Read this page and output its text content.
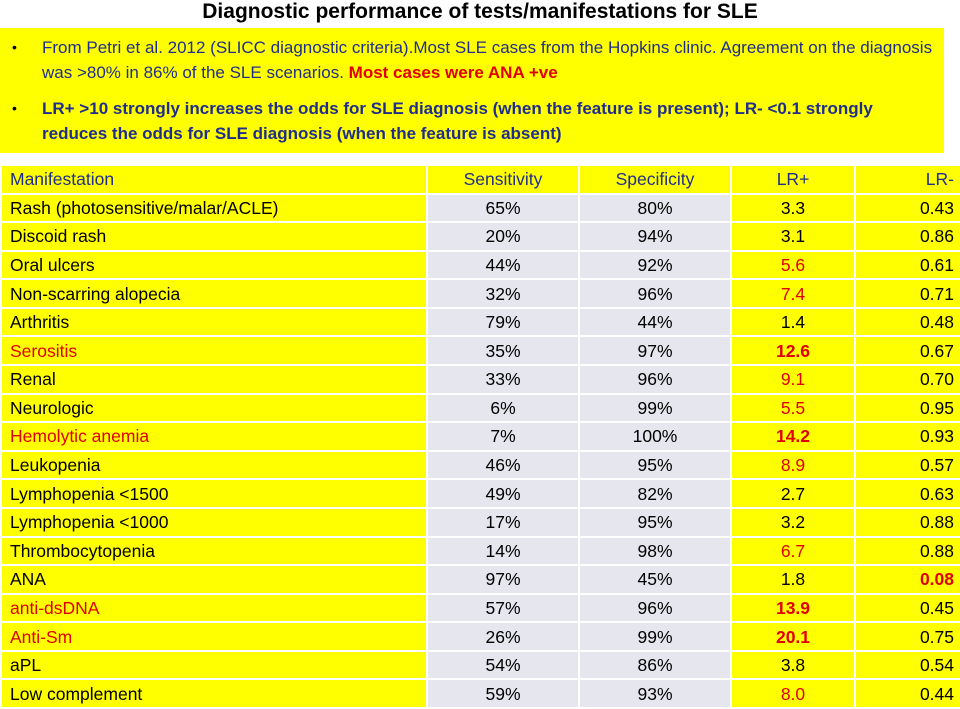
Diagnostic performance of tests/manifestations for SLE
•	From Petri et al. 2012 (SLICC diagnostic criteria).Most SLE cases from the Hopkins clinic. Agreement on the diagnosis was >80% in 86% of the SLE scenarios. Most cases were ANA +ve
•	LR+ >10 strongly increases the odds for SLE diagnosis (when the feature is present); LR- <0.1 strongly reduces the odds for SLE diagnosis (when the feature is absent)
Manifestation	Sensitivity	Specificity	LR+	LR-
Rash (photosensitive/malar/ACLE)	65%	80%	3.3	0.43
Discoid rash	20%	94%	3.1	0.86
Oral ulcers	44%	92%	5.6	0.61
Non-scarring alopecia	32%	96%	7.4	0.71
Arthritis	79%	44%	1.4	0.48
Serositis	35%	97%	12.6	0.67
Renal	33%	96%	9.1	0.70
Neurologic	6%	99%	5.5	0.95
Hemolytic anemia	7%	100%	14.2	0.93
Leukopenia	46%	95%	8.9	0.57
Lymphopenia <1500	49%	82%	2.7	0.63
Lymphopenia <1000	17%	95%	3.2	0.88
Thrombocytopenia	14%	98%	6.7	0.88
ANA	97%	45%	1.8	0.08
anti-dsDNA	57%	96%	13.9	0.45
Anti-Sm	26%	99%	20.1	0.75
aPL	54%	86%	3.8	0.54
Low complement	59%	93%	8.0	0.44
